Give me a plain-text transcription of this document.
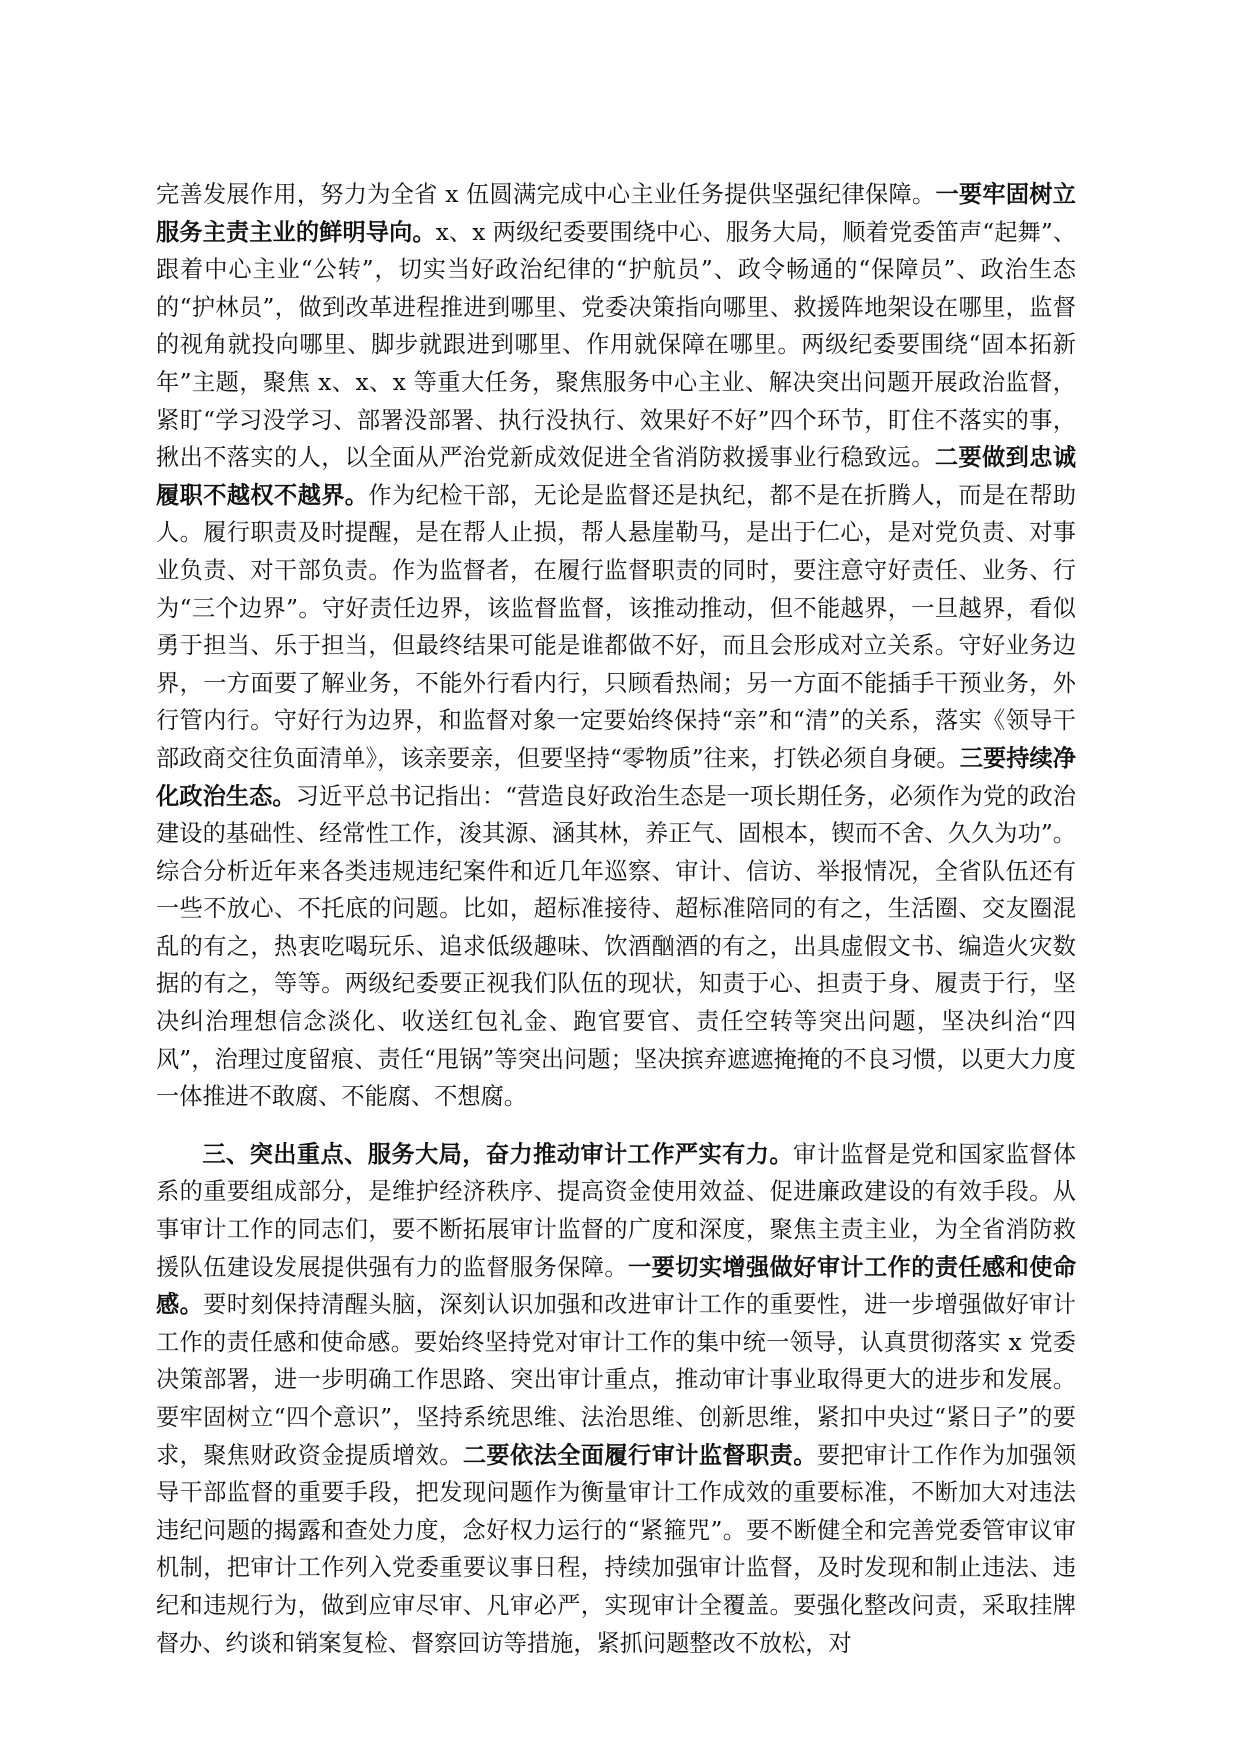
完善发展作用，努力为全省 x 伍圆满完成中心主业任务提供坚强纪律保障。一要牢固树立服务主责主业的鲜明导向。x、x 两级纪委要围绕中心、服务大局，顺着党委笛声“起舞”、跟着中心主业“公转”，切实当好政治纪律的“护航员”、政令畅通的“保障员”、政治生态的“护林员”，做到改革进程推进到哪里、党委决策指向哪里、救援阵地架设在哪里，监督的视角就投向哪里、脚步就跟进到哪里、作用就保障在哪里。两级纪委要围绕“固本拓新年”主题，聚焦 x、x、x 等重大任务，聚焦服务中心主业、解决突出问题开展政治监督，紧盯“学习没学习、部署没部署、执行没执行、效果好不好”四个环节，盯住不落实的事，揪出不落实的人，以全面从严治党新成效促进全省消防救援事业行稳致远。二要做到忠诚履职不越权不越界。作为纪检干部，无论是监督还是执纪，都不是在折腾人，而是在帮助人。履行职责及时提醒，是在帮人止损，帮人悬崖勒马，是出于仁心，是对党负责、对事业负责、对干部负责。作为监督者，在履行监督职责的同时，要注意守好责任、业务、行为“三个边界”。守好责任边界，该监督监督，该推动推动，但不能越界，一旦越界，看似勇于担当、乐于担当，但最终结果可能是谁都做不好，而且会形成对立关系。守好业务边界，一方面要了解业务，不能外行看内行，只顾看热闹；另一方面不能插手干预业务，外行管内行。守好行为边界，和监督对象一定要始终保持“亲”和“清”的关系，落实《领导干部政商交往负面清单》，该亲要亲，但要坚持“零物质”往来，打铁必须自身硬。三要持续净化政治生态。习近平总书记指出：“营造良好政治生态是一项长期任务，必须作为党的政治建设的基础性、经常性工作，浚其源、涵其林，养正气、固根本，锲而不舍、久久为功”。综合分析近年来各类违规违纪案件和近几年巡察、审计、信访、举报情况，全省队伍还有一些不放心、不托底的问题。比如，超标准接待、超标准陪同的有之，生活圈、交友圈混乱的有之，热衷吃喝玩乐、追求低级趣味、饮酒酗酒的有之，出具虚假文书、编造火灾数据的有之，等等。两级纪委要正视我们队伍的现状，知责于心、担责于身、履责于行，坚决纠治理想信念淡化、收送红包礼金、跑官要官、责任空转等突出问题，坚决纠治“四风”，治理过度留痕、责任“甩锅”等突出问题；坚决摈弃遮遮掩掩的不良习惯，以更大力度一体推进不敢腐、不能腐、不想腐。

三、突出重点、服务大局，奋力推动审计工作严实有力。审计监督是党和国家监督体系的重要组成部分，是维护经济秩序、提高资金使用效益、促进廉政建设的有效手段。从事审计工作的同志们，要不断拓展审计监督的广度和深度，聚焦主责主业，为全省消防救援队伍建设发展提供强有力的监督服务保障。一要切实增强做好审计工作的责任感和使命感。要时刻保持清醒头脑，深刻认识加强和改进审计工作的重要性，进一步增强做好审计工作的责任感和使命感。要始终坚持党对审计工作的集中统一领导，认真贯彻落实 x 党委决策部署，进一步明确工作思路、突出审计重点，推动审计事业取得更大的进步和发展。要牢固树立“四个意识”，坚持系统思维、法治思维、创新思维，紧扣中央过“紧日子”的要求，聚焦财政资金提质增效。二要依法全面履行审计监督职责。要把审计工作作为加强领导干部监督的重要手段，把发现问题作为衡量审计工作成效的重要标准，不断加大对违法违纪问题的揭露和查处力度，念好权力运行的“紧箍咒”。要不断健全和完善党委管审议审机制，把审计工作列入党委重要议事日程，持续加强审计监督，及时发现和制止违法、违纪和违规行为，做到应审尽审、凡审必严，实现审计全覆盖。要强化整改问责，采取挂牌督办、约谈和销案复检、督察回访等措施，紧抓问题整改不放松，对
